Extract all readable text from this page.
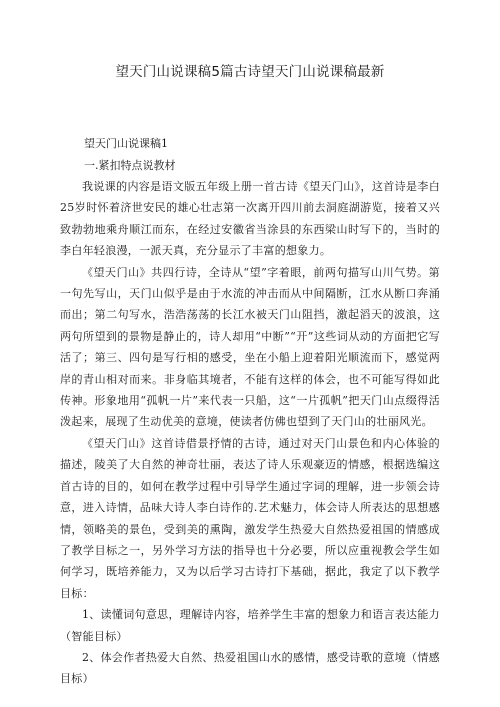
望天门山说课稿5篇古诗望天门山说课稿最新
望天门山说课稿1
一.紧扣特点说教材

我说课的内容是语文版五年级上册一首古诗《望天门山》，这首诗是李白25岁时怀着济世安民的雄心壮志第一次离开四川前去洞庭湖游览，接着又兴致勃勃地乘舟顺江而东，在经过安徽省当涂县的东西梁山时写下的，当时的李白年轻浪漫，一派天真，充分显示了丰富的想象力。

《望天门山》共四行诗，全诗从“望”字着眼，前两句描写山川气势。第一句先写山，天门山似乎是由于水流的冲击而从中间隔断，江水从断口奔涌而出；第二句写水，浩浩荡荡的长江水被天门山阻挡，激起滔天的波浪，这两句所望到的景物是静止的，诗人却用“中断”“开”这些词从动的方面把它写活了；第三、四句是写行相的感受，坐在小船上迎着阳光顺流而下，感觉两岸的青山相对而来。非身临其境者，不能有这样的体会，也不可能写得如此传神。形象地用“孤帆一片”来代表一只船，这“一片孤帆”把天门山点缀得活泼起来，展现了生动优美的意境，使读者仿佛也望到了天门山的壮丽风光。

《望天门山》这首诗借景抒情的古诗，通过对天门山景色和内心体验的描述，陵美了大自然的神奇壮丽，表达了诗人乐观豪迈的情感，根据选编这首古诗的目的，如何在教学过程中引导学生通过字词的理解，进一步领会诗意，进入诗情，品味大诗人李白诗作的.艺术魅力，体会诗人所表达的思想感情，领略美的景色，受到美的熏陶，激发学生热爱大自然热爱祖国的情感成了教学目标之一，另外学习方法的指导也十分必要，所以应重视教会学生如何学习，既培养能力，又为以后学习古诗打下基础，据此，我定了以下教学目标：

1、读懂词句意思，理解诗内容，培养学生丰富的想象力和语言表达能力（智能目标）

2、体会作者热爱大自然、热爱祖国山水的感情，感受诗歌的意境（情感目标）
